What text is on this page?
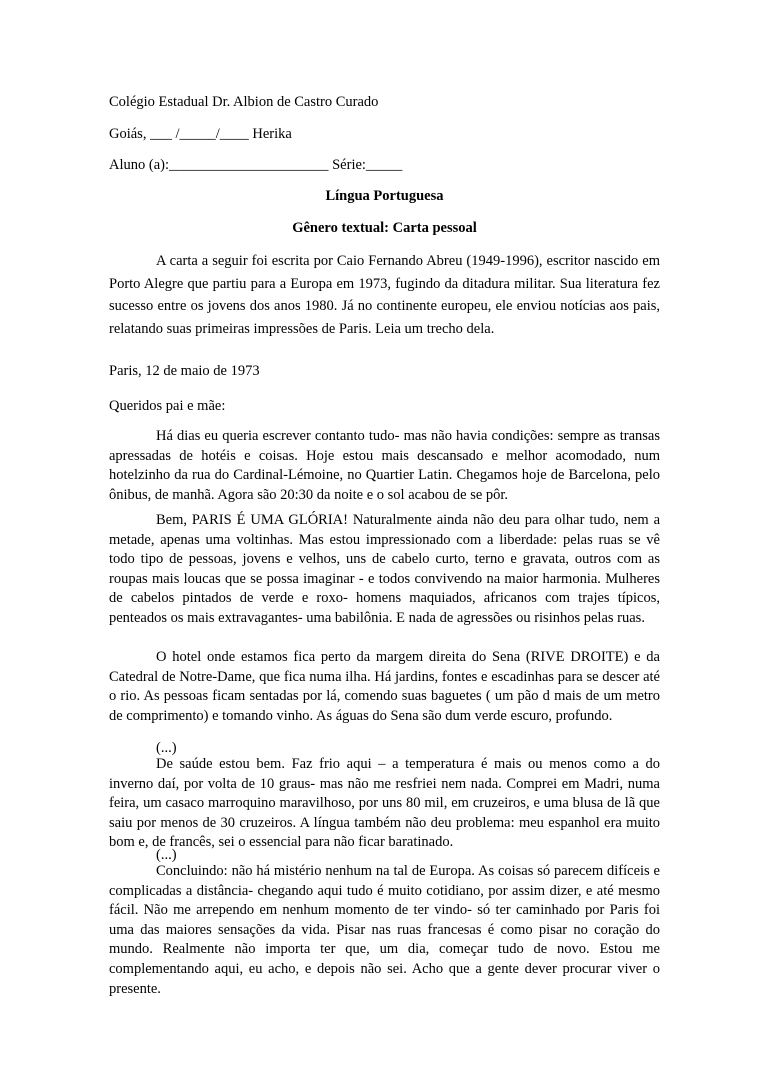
Colégio Estadual Dr. Albion de Castro Curado
Goiás, ___ /_____/____ Herika
Aluno (a):______________________ Série:_____
Língua Portuguesa
Gênero textual: Carta pessoal

A carta a seguir foi escrita por Caio Fernando Abreu (1949-1996), escritor nascido em Porto Alegre que partiu para a Europa em 1973, fugindo da ditadura militar. Sua literatura fez sucesso entre os jovens dos anos 1980. Já no continente europeu, ele enviou notícias aos pais, relatando suas primeiras impressões de Paris. Leia um trecho dela.

Paris, 12 de maio de 1973
Queridos pai e mãe:

Há dias eu queria escrever contanto tudo- mas não havia condições: sempre as transas apressadas de hotéis e coisas. Hoje estou mais descansado e melhor acomodado, num hotelzinho da rua do Cardinal-Lémoine, no Quartier Latin. Chegamos hoje de Barcelona, pelo ônibus, de manhã. Agora são 20:30 da noite e o sol acabou de se pôr.

Bem, PARIS É UMA GLÓRIA! Naturalmente ainda não deu para olhar tudo, nem a metade, apenas uma voltinhas. Mas estou impressionado com a liberdade: pelas ruas se vê todo tipo de pessoas, jovens e velhos, uns de cabelo curto, terno e gravata, outros com as roupas mais loucas que se possa imaginar - e todos convivendo na maior harmonia. Mulheres de cabelos pintados de verde e roxo- homens maquiados, africanos com trajes típicos, penteados os mais extravagantes- uma babilônia. E nada de agressões ou risinhos pelas ruas.

O hotel onde estamos fica perto da margem direita do Sena (RIVE DROITE) e da Catedral de Notre-Dame, que fica numa ilha. Há jardins, fontes e escadinhas para se descer até o rio. As pessoas ficam sentadas por lá, comendo suas baguetes ( um pão d mais de um metro de comprimento) e tomando vinho. As águas do Sena são dum verde escuro, profundo.

(...)

De saúde estou bem. Faz frio aqui – a temperatura é mais ou menos como a do inverno daí, por volta de 10 graus- mas não me resfriei nem nada. Comprei em Madri, numa feira, um casaco marroquino maravilhoso, por uns 80 mil, em cruzeiros, e uma blusa de lã que saiu por menos de 30 cruzeiros. A língua também não deu problema: meu espanhol era muito bom e, de francês, sei o essencial para não ficar baratinado.

(...)

Concluindo: não há mistério nenhum na tal de Europa. As coisas só parecem difíceis e complicadas a distância- chegando aqui tudo é muito cotidiano, por assim dizer, e até mesmo fácil. Não me arrependo em nenhum momento de ter vindo- só ter caminhado por Paris foi uma das maiores sensações da vida. Pisar nas ruas francesas é como pisar no coração do mundo. Realmente não importa ter que, um dia, começar tudo de novo. Estou me complementando aqui, eu acho, e depois não sei. Acho que a gente dever procurar viver o presente.
